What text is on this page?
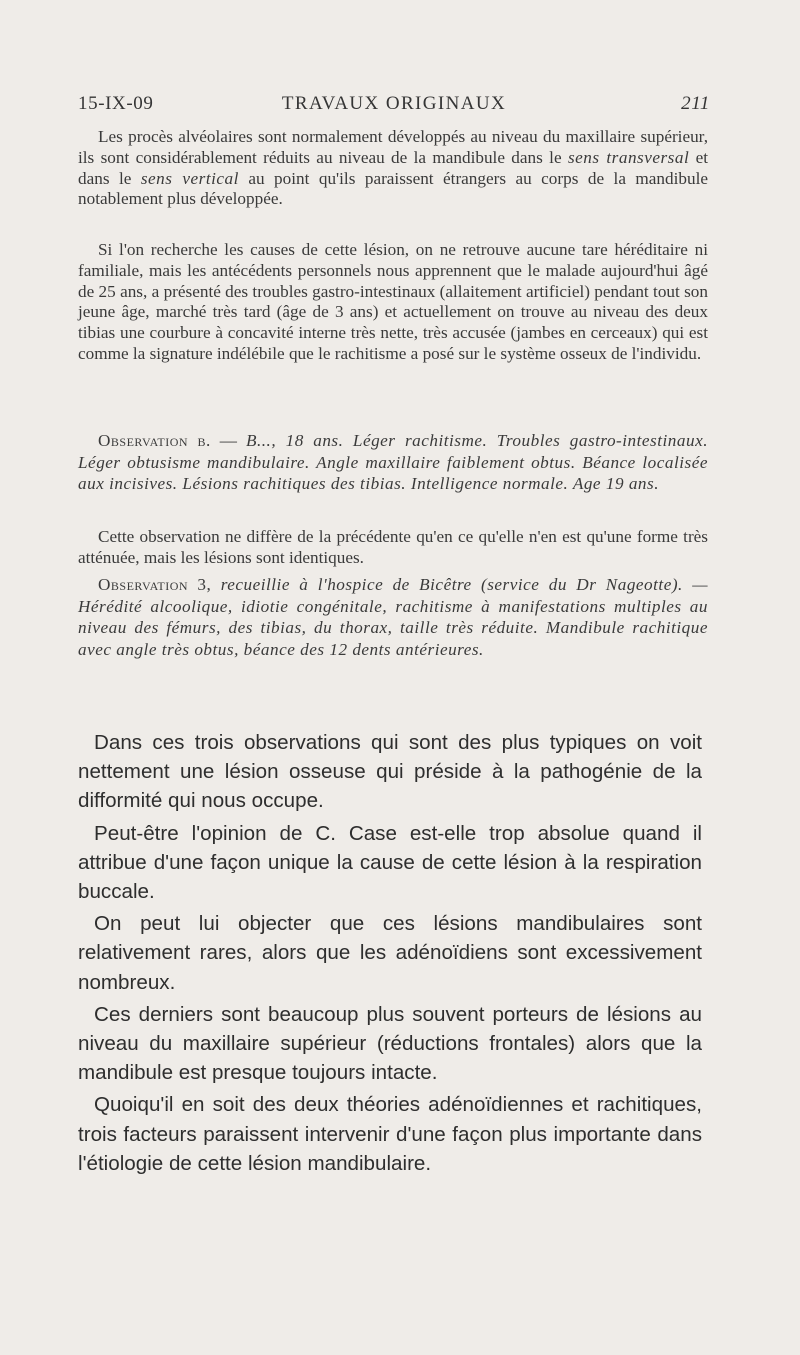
15-IX-09	TRAVAUX ORIGINAUX	211

Les procès alvéolaires sont normalement développés au niveau du maxillaire supérieur, ils sont considérablement réduits au niveau de la mandibule dans le sens transversal et dans le sens vertical au point qu'ils paraissent étrangers au corps de la mandibule notablement plus développée.

Si l'on recherche les causes de cette lésion, on ne retrouve aucune tare héréditaire ni familiale, mais les antécédents personnels nous apprennent que le malade aujourd'hui âgé de 25 ans, a présenté des troubles gastro-intestinaux (allaitement artificiel) pendant tout son jeune âge, marché très tard (âge de 3 ans) et actuellement on trouve au niveau des deux tibias une courbure à concavité interne très nette, très accusée (jambes en cerceaux) qui est comme la signature indélébile que le rachitisme a posé sur le système osseux de l'individu.

Observation β. — B..., 18 ans. Léger rachitisme. Troubles gastro-intestinaux. Léger obtusisme mandibulaire. Angle maxillaire faiblement obtus. Béance localisée aux incisives. Lésions rachitiques des tibias. Intelligence normale. Age 19 ans.

Cette observation ne diffère de la précédente qu'en ce qu'elle n'en est qu'une forme très atténuée, mais les lésions sont identiques.

Observation 3, recueillie à l'hospice de Bicêtre (service du Dr Nageotte). — Hérédité alcoolique, idiotie congénitale, rachitisme à manifestations multiples au niveau des fémurs, des tibias, du thorax, taille très réduite. Mandibule rachitique avec angle très obtus, béance des 12 dents antérieures.

Dans ces trois observations qui sont des plus typiques on voit nettement une lésion osseuse qui préside à la pathogénie de la difformité qui nous occupe.

Peut-être l'opinion de C. Case est-elle trop absolue quand il attribue d'une façon unique la cause de cette lésion à la respiration buccale.

On peut lui objecter que ces lésions mandibulaires sont relativement rares, alors que les adénoïdiens sont excessivement nombreux.

Ces derniers sont beaucoup plus souvent porteurs de lésions au niveau du maxillaire supérieur (réductions frontales) alors que la mandibule est presque toujours intacte.

Quoiqu'il en soit des deux théories adénoïdiennes et rachitiques, trois facteurs paraissent intervenir d'une façon plus importante dans l'étiologie de cette lésion mandibulaire.
